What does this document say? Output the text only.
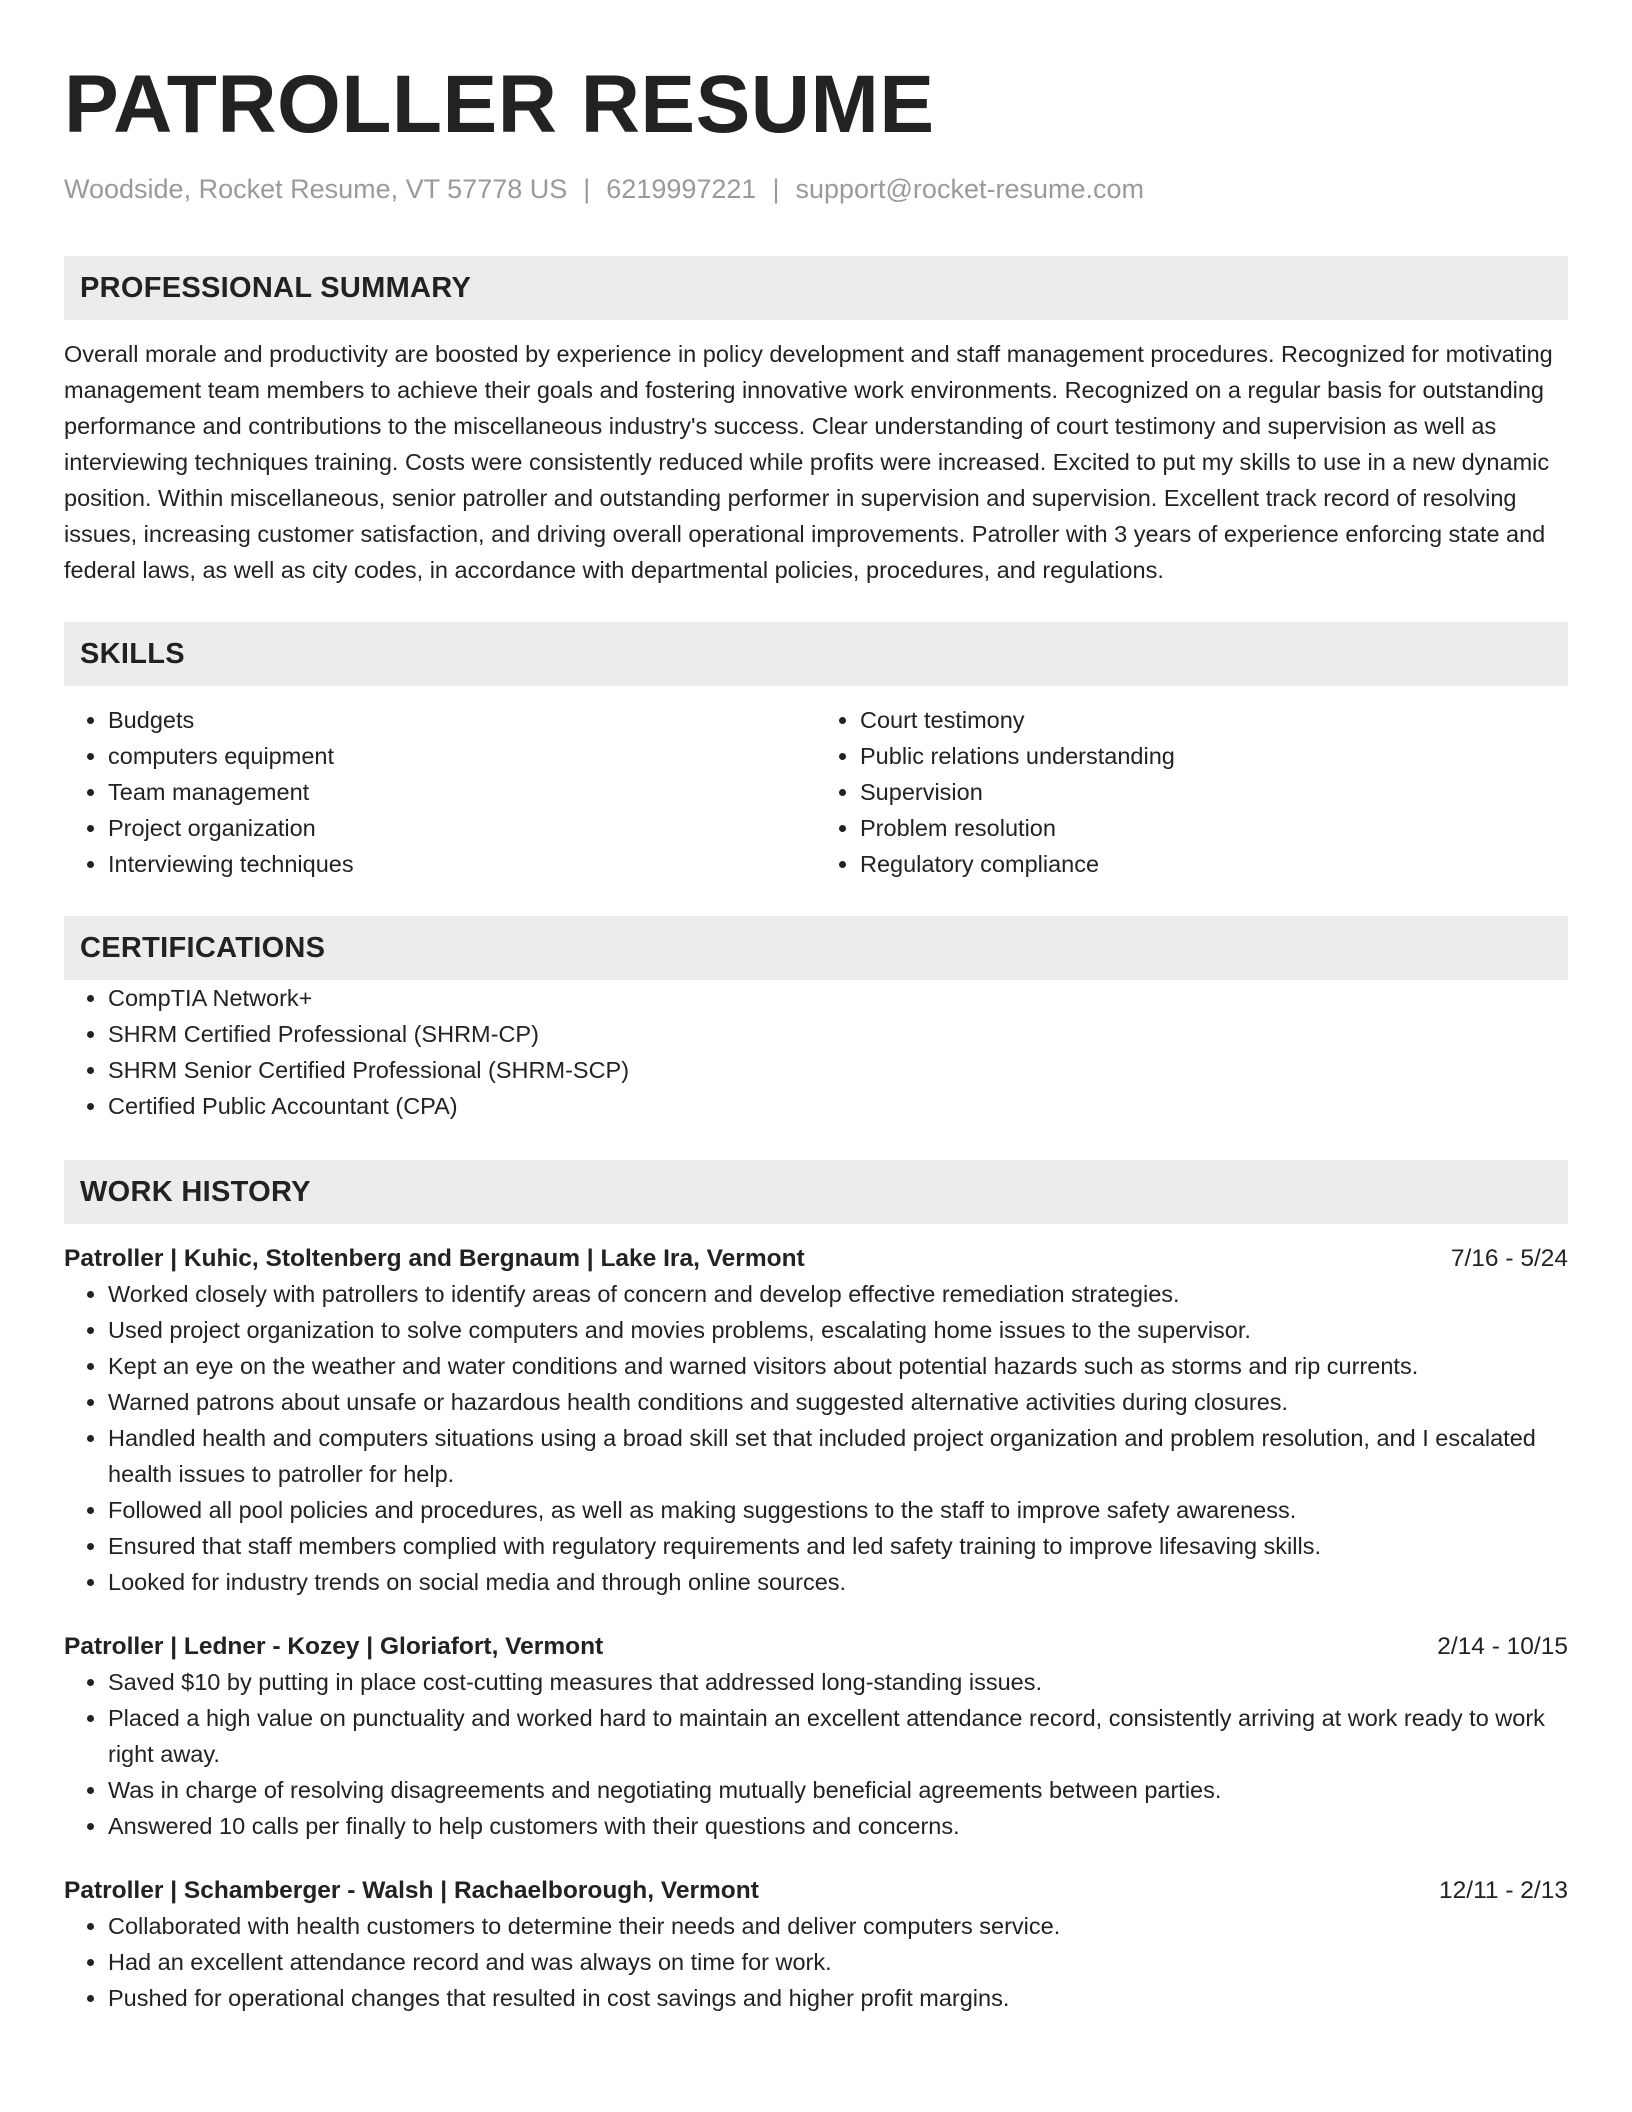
PATROLLER RESUME
Woodside, Rocket Resume, VT 57778 US | 6219997221 | support@rocket-resume.com
PROFESSIONAL SUMMARY
Overall morale and productivity are boosted by experience in policy development and staff management procedures. Recognized for motivating management team members to achieve their goals and fostering innovative work environments. Recognized on a regular basis for outstanding performance and contributions to the miscellaneous industry's success. Clear understanding of court testimony and supervision as well as interviewing techniques training. Costs were consistently reduced while profits were increased. Excited to put my skills to use in a new dynamic position. Within miscellaneous, senior patroller and outstanding performer in supervision and supervision. Excellent track record of resolving issues, increasing customer satisfaction, and driving overall operational improvements. Patroller with 3 years of experience enforcing state and federal laws, as well as city codes, in accordance with departmental policies, procedures, and regulations.
SKILLS
• Budgets
• computers equipment
• Team management
• Project organization
• Interviewing techniques
• Court testimony
• Public relations understanding
• Supervision
• Problem resolution
• Regulatory compliance
CERTIFICATIONS
• CompTIA Network+
• SHRM Certified Professional (SHRM-CP)
• SHRM Senior Certified Professional (SHRM-SCP)
• Certified Public Accountant (CPA)
WORK HISTORY
Patroller | Kuhic, Stoltenberg and Bergnaum | Lake Ira, Vermont	7/16 - 5/24
• Worked closely with patrollers to identify areas of concern and develop effective remediation strategies.
• Used project organization to solve computers and movies problems, escalating home issues to the supervisor.
• Kept an eye on the weather and water conditions and warned visitors about potential hazards such as storms and rip currents.
• Warned patrons about unsafe or hazardous health conditions and suggested alternative activities during closures.
• Handled health and computers situations using a broad skill set that included project organization and problem resolution, and I escalated health issues to patroller for help.
• Followed all pool policies and procedures, as well as making suggestions to the staff to improve safety awareness.
• Ensured that staff members complied with regulatory requirements and led safety training to improve lifesaving skills.
• Looked for industry trends on social media and through online sources.
Patroller | Ledner - Kozey | Gloriafort, Vermont	2/14 - 10/15
• Saved $10 by putting in place cost-cutting measures that addressed long-standing issues.
• Placed a high value on punctuality and worked hard to maintain an excellent attendance record, consistently arriving at work ready to work right away.
• Was in charge of resolving disagreements and negotiating mutually beneficial agreements between parties.
• Answered 10 calls per finally to help customers with their questions and concerns.
Patroller | Schamberger - Walsh | Rachaelborough, Vermont	12/11 - 2/13
• Collaborated with health customers to determine their needs and deliver computers service.
• Had an excellent attendance record and was always on time for work.
• Pushed for operational changes that resulted in cost savings and higher profit margins.
